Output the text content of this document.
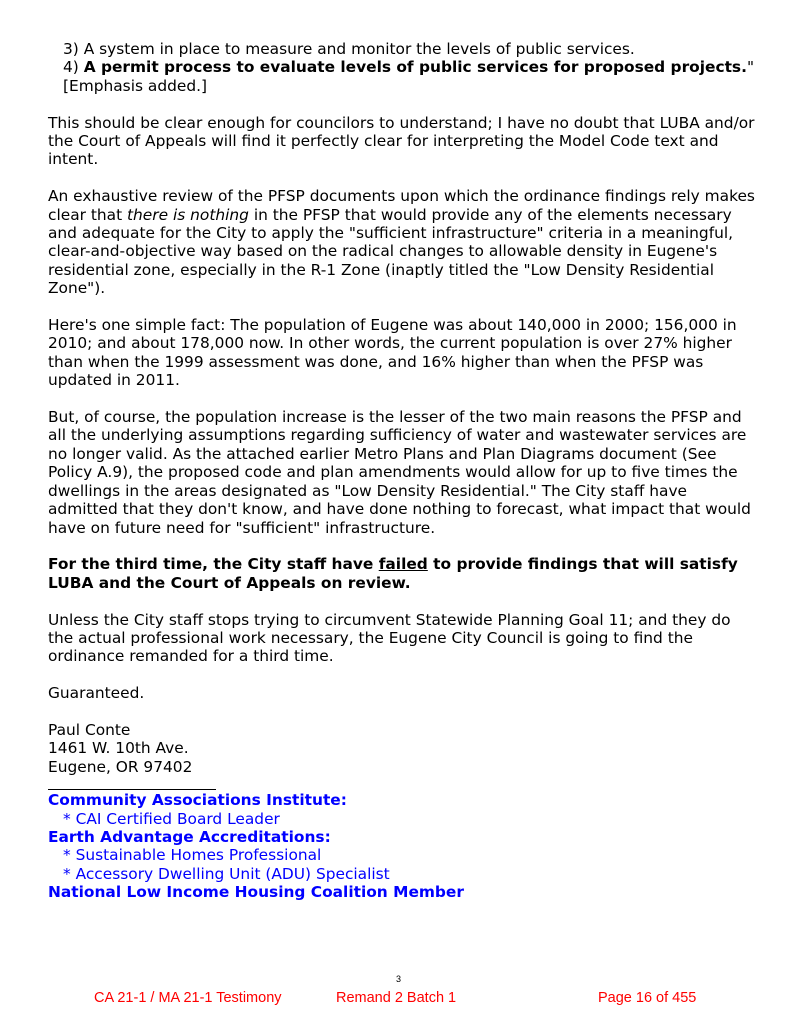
3) A system in place to measure and monitor the levels of public services.

4) A permit process to evaluate levels of public services for proposed projects." [Emphasis added.]

This should be clear enough for councilors to understand; I have no doubt that LUBA and/or the Court of Appeals will find it perfectly clear for interpreting the Model Code text and intent.

An exhaustive review of the PFSP documents upon which the ordinance findings rely makes clear that there is nothing in the PFSP that would provide any of the elements necessary and adequate for the City to apply the "sufficient infrastructure" criteria in a meaningful, clear-and-objective way based on the radical changes to allowable density in Eugene's residential zone, especially in the R-1 Zone (inaptly titled the "Low Density Residential Zone").

Here's one simple fact: The population of Eugene was about 140,000 in 2000; 156,000 in 2010; and about 178,000 now. In other words, the current population is over 27% higher than when the 1999 assessment was done, and 16% higher than when the PFSP was updated in 2011.

But, of course, the population increase is the lesser of the two main reasons the PFSP and all the underlying assumptions regarding sufficiency of water and wastewater services are no longer valid. As the attached earlier Metro Plans and Plan Diagrams document (See Policy A.9), the proposed code and plan amendments would allow for up to five times the dwellings in the areas designated as "Low Density Residential." The City staff have admitted that they don't know, and have done nothing to forecast, what impact that would have on future need for "sufficient" infrastructure.

For the third time, the City staff have failed to provide findings that will satisfy LUBA and the Court of Appeals on review.

Unless the City staff stops trying to circumvent Statewide Planning Goal 11; and they do the actual professional work necessary, the Eugene City Council is going to find the ordinance remanded for a third time.

Guaranteed.

Paul Conte

1461 W. 10th Ave.

Eugene, OR 97402

Community Associations Institute:

* CAI Certified Board Leader

Earth Advantage Accreditations:

* Sustainable Homes Professional

* Accessory Dwelling Unit (ADU) Specialist

National Low Income Housing Coalition Member

3
CA 21-1 / MA 21-1 Testimony	Remand 2 Batch 1	Page 16 of 455
